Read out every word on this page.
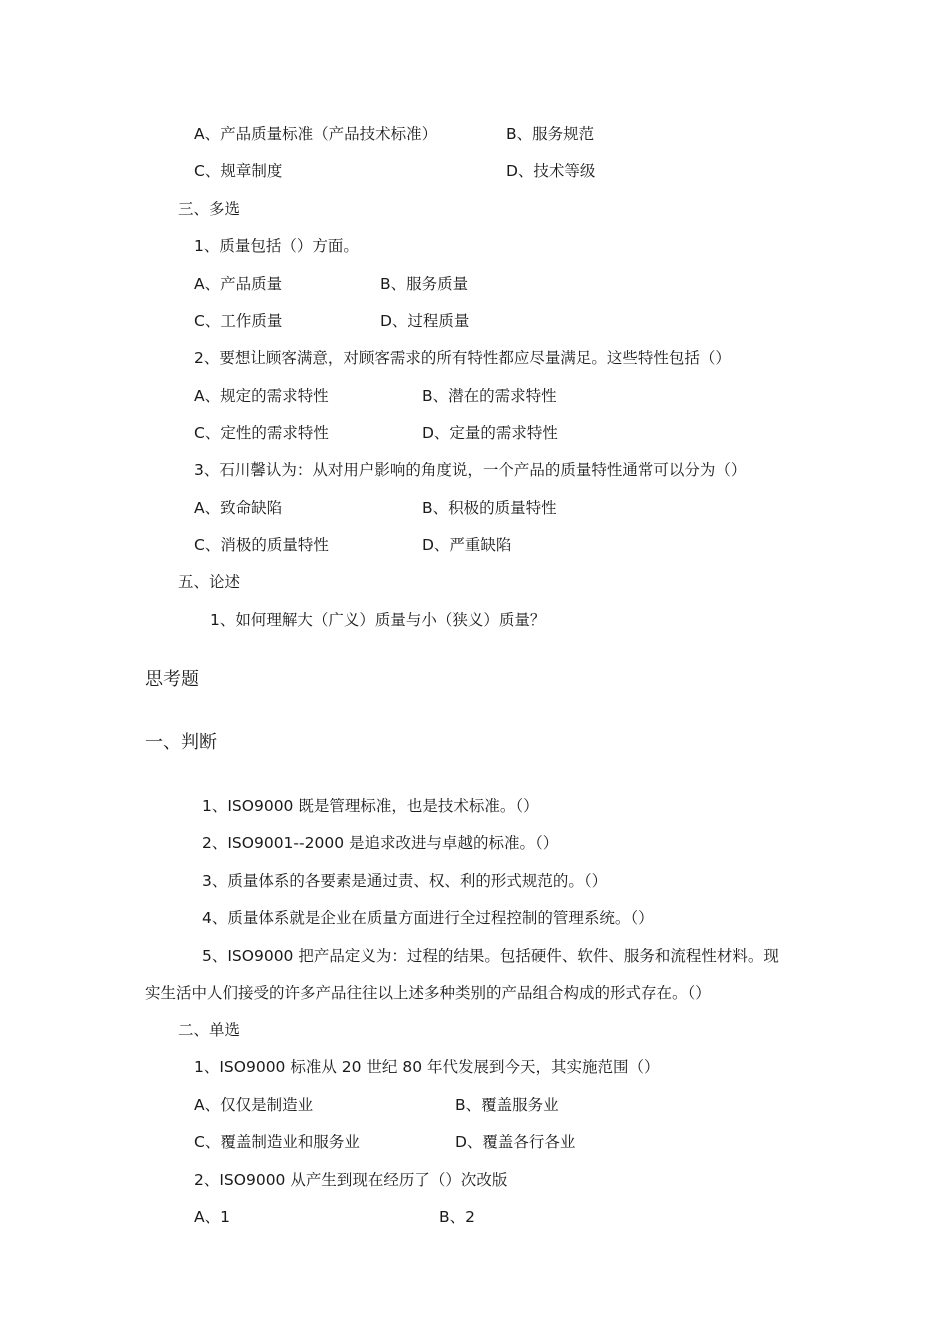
A、产品质量标准（产品技术标准）	B、服务规范
C、规章制度	D、技术等级
三、多选
1、质量包括（）方面。
A、产品质量	B、服务质量
C、工作质量	D、过程质量
2、要想让顾客满意，对顾客需求的所有特性都应尽量满足。这些特性包括（）
A、规定的需求特性	B、潜在的需求特性
C、定性的需求特性	D、定量的需求特性
3、石川馨认为：从对用户影响的角度说，一个产品的质量特性通常可以分为（）
A、致命缺陷	B、积极的质量特性
C、消极的质量特性	D、严重缺陷
五、论述
1、如何理解大（广义）质量与小（狭义）质量？
思考题
一、判断
1、ISO9000 既是管理标准，也是技术标准。（）
2、ISO9001--2000 是追求改进与卓越的标准。（）
3、质量体系的各要素是通过责、权、利的形式规范的。（）
4、质量体系就是企业在质量方面进行全过程控制的管理系统。（）
5、ISO9000 把产品定义为：过程的结果。包括硬件、软件、服务和流程性材料。现
实生活中人们接受的许多产品往往以上述多种类别的产品组合构成的形式存在。（）
二、单选
1、ISO9000 标准从 20 世纪 80 年代发展到今天，其实施范围（）
A、仅仅是制造业	B、覆盖服务业
C、覆盖制造业和服务业	D、覆盖各行各业
2、ISO9000 从产生到现在经历了（）次改版
A、1	B、2
